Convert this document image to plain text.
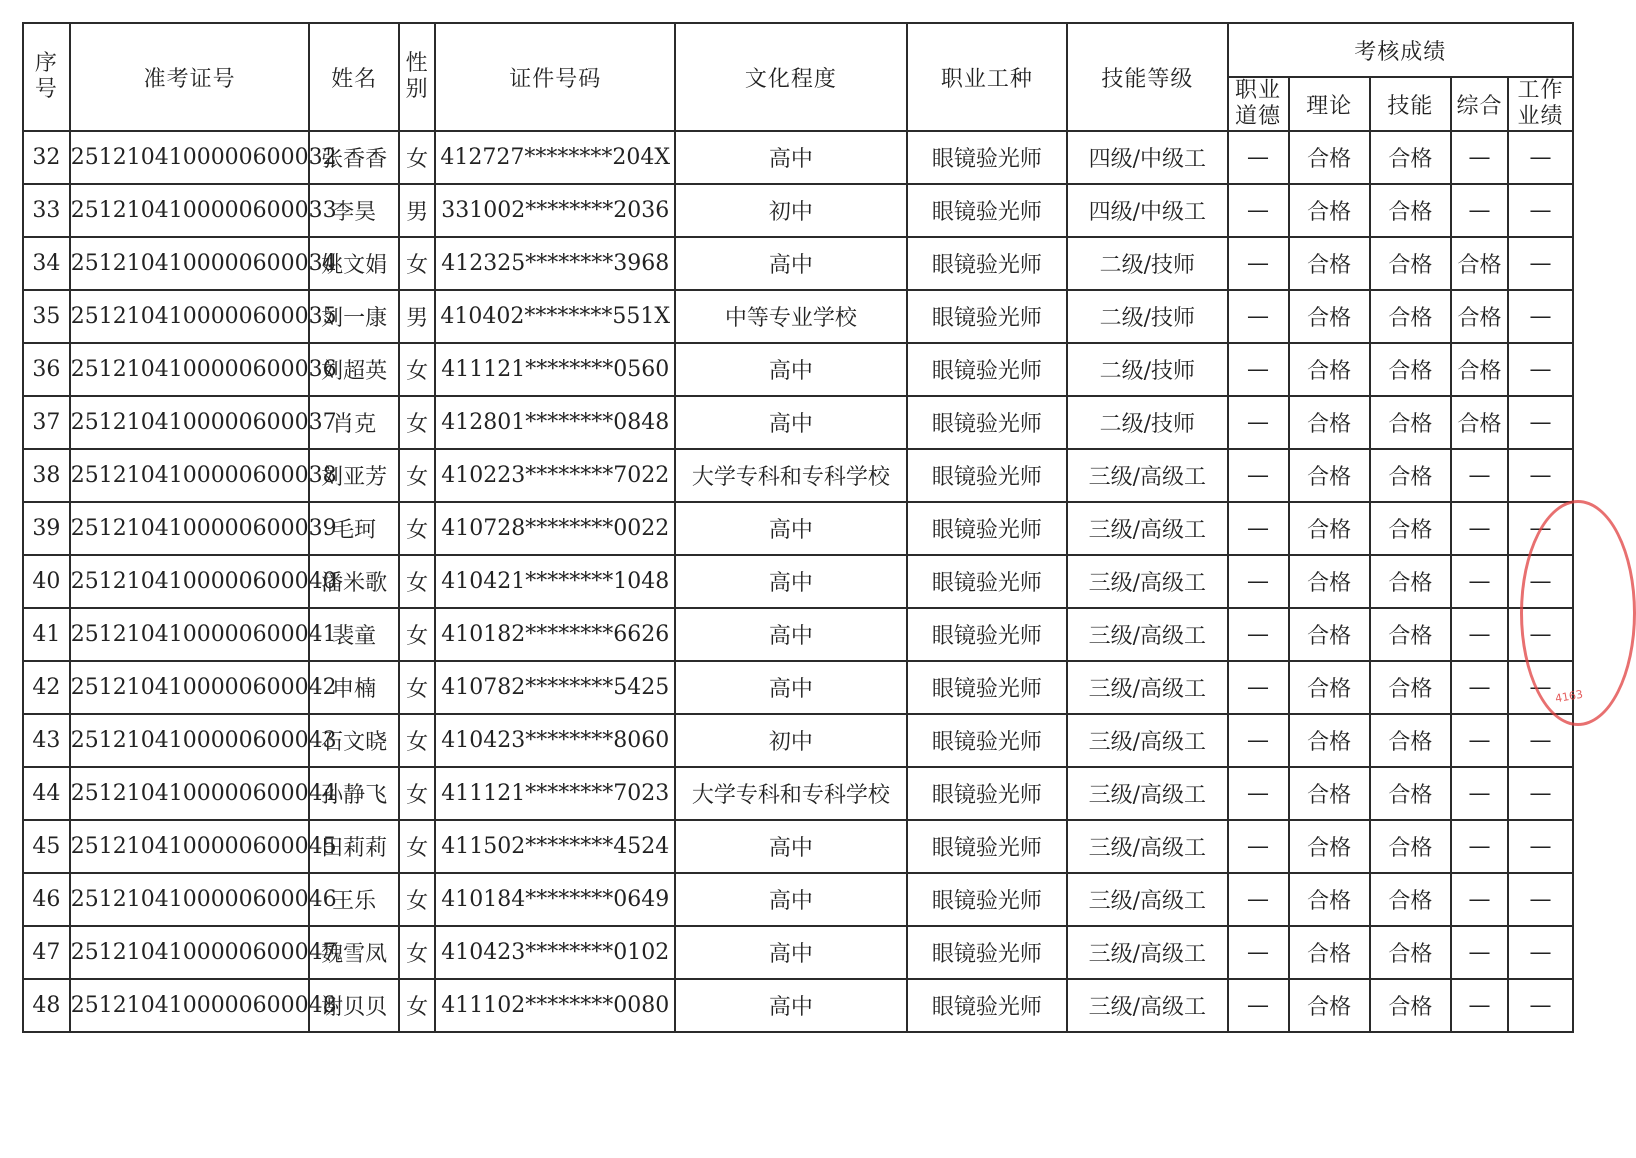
序号	准考证号	姓名	性别	证件号码	文化程度	职业工种	技能等级	考核成绩				
								职业道德	理论	技能	综合	工作业绩
32	2512104100000600032	张香香	女	412727********204X	高中	眼镜验光师	四级/中级工	—	合格	合格	—	—
33	2512104100000600033	李昊	男	331002********2036	初中	眼镜验光师	四级/中级工	—	合格	合格	—	—
34	2512104100000600034	姚文娟	女	412325********3968	高中	眼镜验光师	二级/技师	—	合格	合格	合格	—
35	2512104100000600035	刘一康	男	410402********551X	中等专业学校	眼镜验光师	二级/技师	—	合格	合格	合格	—
36	2512104100000600036	刘超英	女	411121********0560	高中	眼镜验光师	二级/技师	—	合格	合格	合格	—
37	2512104100000600037	肖克	女	412801********0848	高中	眼镜验光师	二级/技师	—	合格	合格	合格	—
38	2512104100000600038	刘亚芳	女	410223********7022	大学专科和专科学校	眼镜验光师	三级/高级工	—	合格	合格	—	—
39	2512104100000600039	毛珂	女	410728********0022	高中	眼镜验光师	三级/高级工	—	合格	合格	—	—
40	2512104100000600040	潘米歌	女	410421********1048	高中	眼镜验光师	三级/高级工	—	合格	合格	—	—
41	2512104100000600041	裴童	女	410182********6626	高中	眼镜验光师	三级/高级工	—	合格	合格	—	—
42	2512104100000600042	申楠	女	410782********5425	高中	眼镜验光师	三级/高级工	—	合格	合格	—	—
43	2512104100000600043	石文晓	女	410423********8060	初中	眼镜验光师	三级/高级工	—	合格	合格	—	—
44	2512104100000600044	孙静飞	女	411121********7023	大学专科和专科学校	眼镜验光师	三级/高级工	—	合格	合格	—	—
45	2512104100000600045	田莉莉	女	411502********4524	高中	眼镜验光师	三级/高级工	—	合格	合格	—	—
46	2512104100000600046	王乐	女	410184********0649	高中	眼镜验光师	三级/高级工	—	合格	合格	—	—
47	2512104100000600047	魏雪凤	女	410423********0102	高中	眼镜验光师	三级/高级工	—	合格	合格	—	—
48	2512104100000600048	谢贝贝	女	411102********0080	高中	眼镜验光师	三级/高级工	—	合格	合格	—	—
4163
